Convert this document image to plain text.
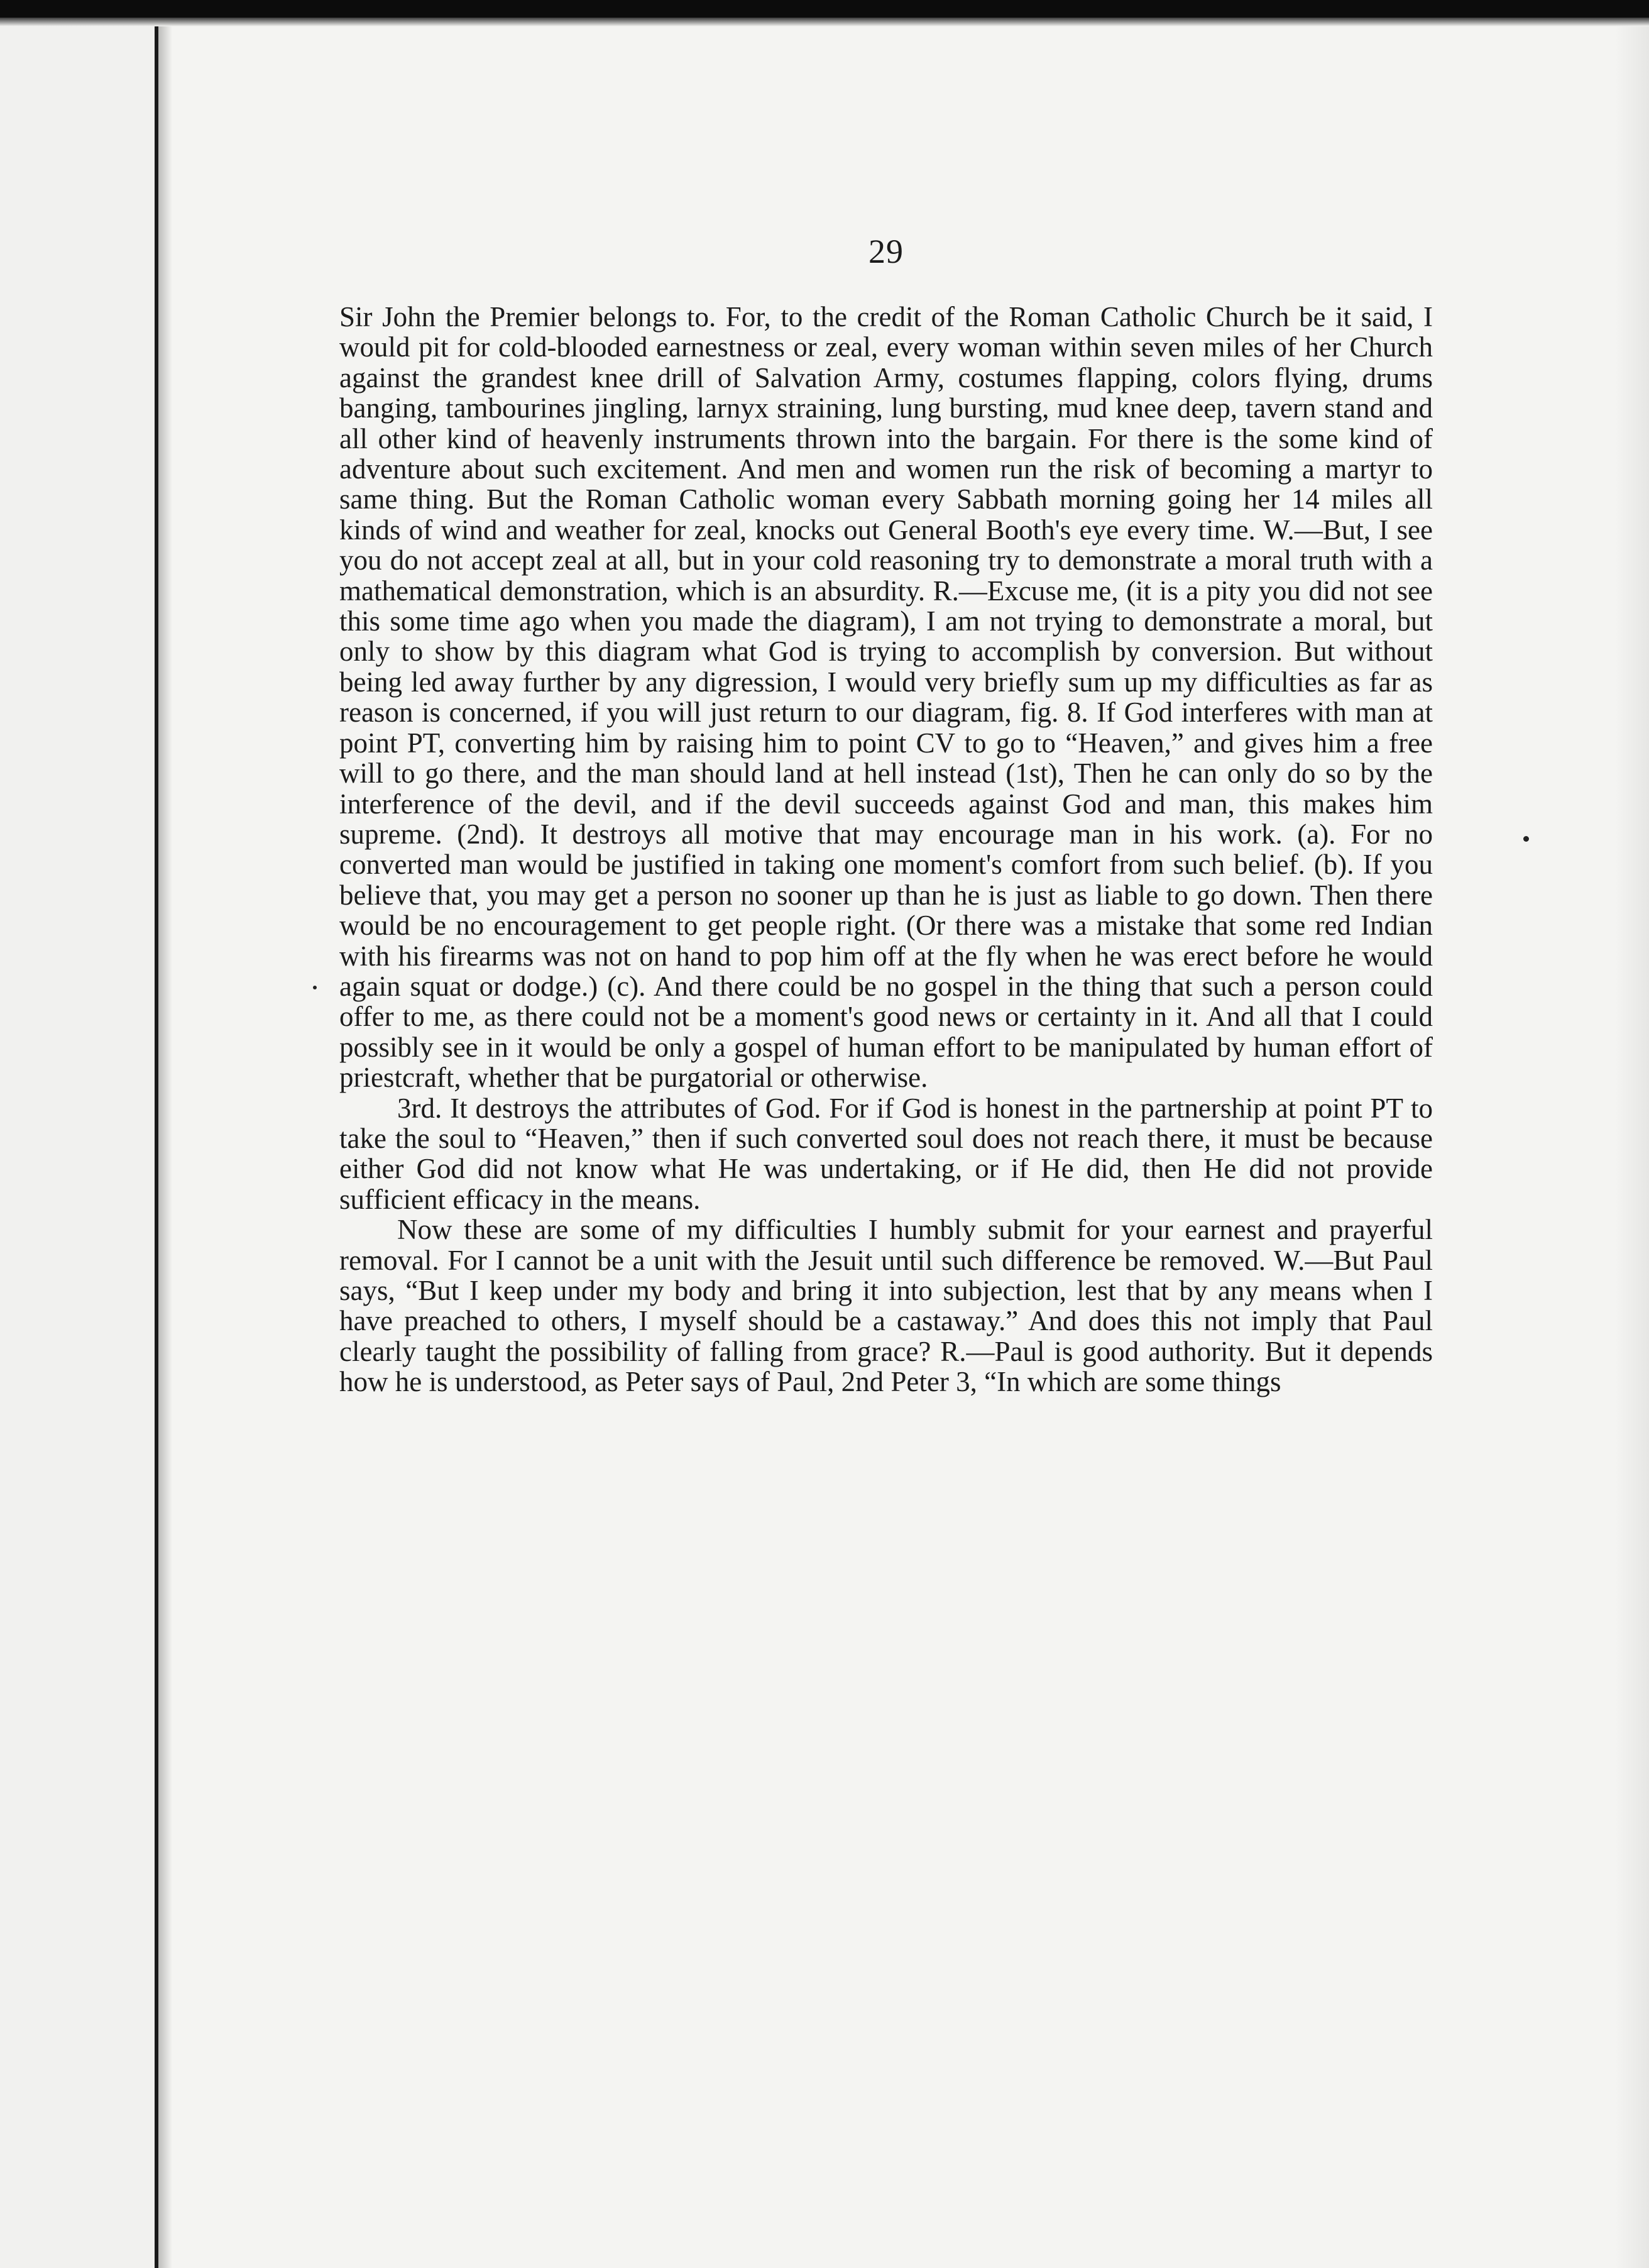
29

Sir John the Premier belongs to. For, to the credit of the Roman Catholic Church be it said, I would pit for cold-blooded earnestness or zeal, every woman within seven miles of her Church against the grandest knee drill of Salvation Army, costumes flapping, colors flying, drums banging, tambourines jingling, larnyx straining, lung bursting, mud knee deep, tavern stand and all other kind of heavenly instruments thrown into the bargain. For there is the some kind of adventure about such excitement. And men and women run the risk of becoming a martyr to same thing. But the Roman Catholic woman every Sabbath morning going her 14 miles all kinds of wind and weather for zeal, knocks out General Booth's eye every time. W.—But, I see you do not accept zeal at all, but in your cold reasoning try to demonstrate a moral truth with a mathematical demonstration, which is an absurdity. R.—Excuse me, (it is a pity you did not see this some time ago when you made the diagram), I am not trying to demonstrate a moral, but only to show by this diagram what God is trying to accomplish by conversion. But without being led away further by any digression, I would very briefly sum up my difficulties as far as reason is concerned, if you will just return to our diagram, fig. 8. If God interferes with man at point PT, converting him by raising him to point CV to go to “Heaven,” and gives him a free will to go there, and the man should land at hell instead (1st), Then he can only do so by the interference of the devil, and if the devil succeeds against God and man, this makes him supreme. (2nd). It destroys all motive that may encourage man in his work. (a). For no converted man would be justified in taking one moment's comfort from such belief. (b). If you believe that, you may get a person no sooner up than he is just as liable to go down. Then there would be no encouragement to get people right. (Or there was a mistake that some red Indian with his firearms was not on hand to pop him off at the fly when he was erect before he would again squat or dodge.) (c). And there could be no gospel in the thing that such a person could offer to me, as there could not be a moment's good news or certainty in it. And all that I could possibly see in it would be only a gospel of human effort to be manipulated by human effort of priestcraft, whether that be purgatorial or otherwise.

3rd. It destroys the attributes of God. For if God is honest in the partnership at point PT to take the soul to “Heaven,” then if such converted soul does not reach there, it must be because either God did not know what He was undertaking, or if He did, then He did not provide sufficient efficacy in the means.

Now these are some of my difficulties I humbly submit for your earnest and prayerful removal. For I cannot be a unit with the Jesuit until such difference be removed. W.—But Paul says, “But I keep under my body and bring it into subjection, lest that by any means when I have preached to others, I myself should be a castaway.” And does this not imply that Paul clearly taught the possibility of falling from grace? R.—Paul is good authority. But it depends how he is understood, as Peter says of Paul, 2nd Peter 3, “In which are some things
